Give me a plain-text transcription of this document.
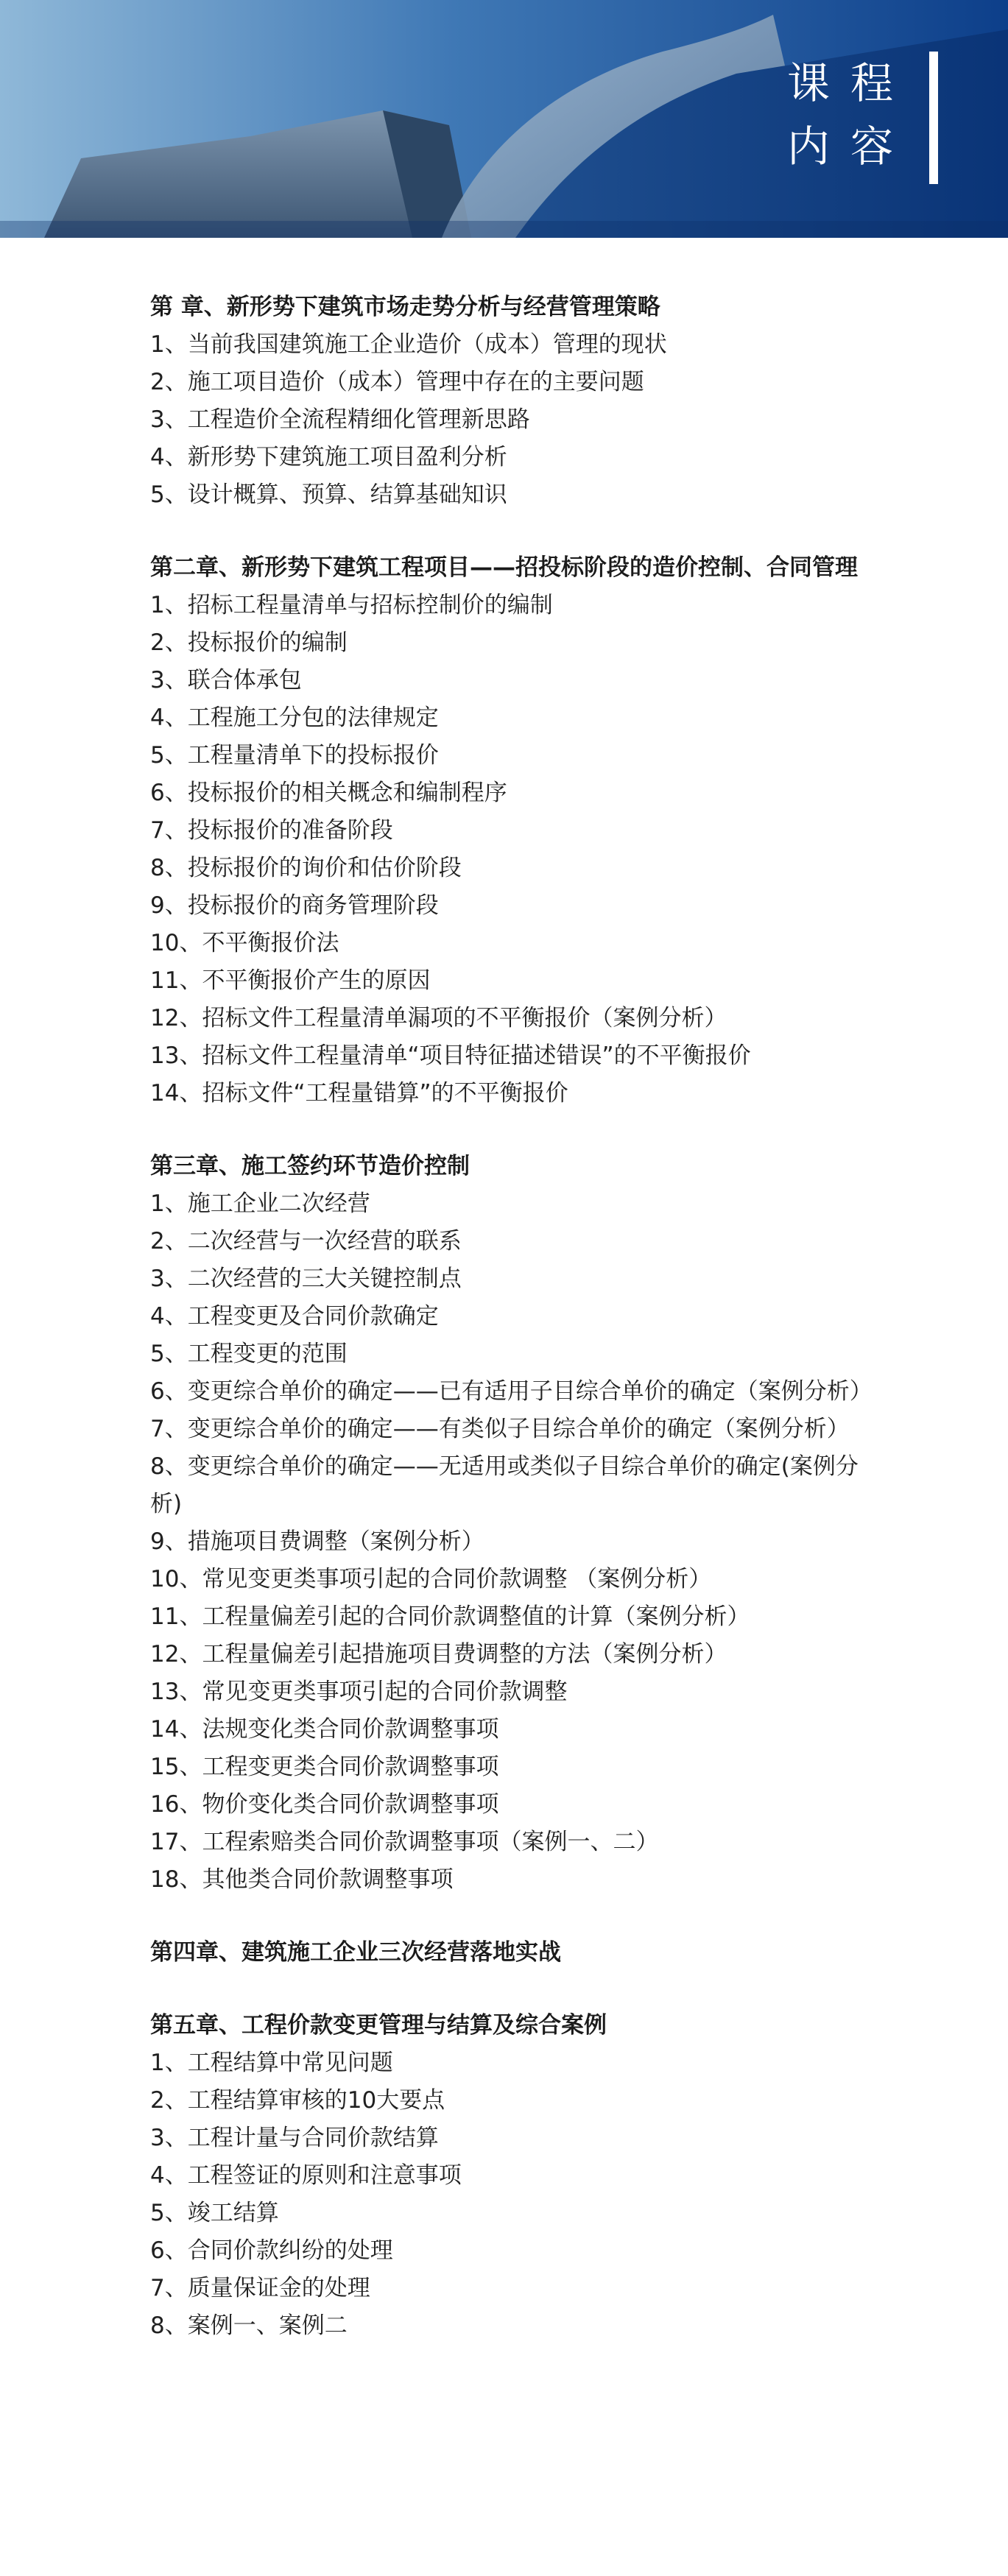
课程
内容
第 章、新形势下建筑市场走势分析与经营管理策略
1、当前我国建筑施工企业造价（成本）管理的现状
2、施工项目造价（成本）管理中存在的主要问题
3、工程造价全流程精细化管理新思路
4、新形势下建筑施工项目盈利分析
5、设计概算、预算、结算基础知识
第二章、新形势下建筑工程项目——招投标阶段的造价控制、合同管理
1、招标工程量清单与招标控制价的编制
2、投标报价的编制
3、联合体承包
4、工程施工分包的法律规定
5、工程量清单下的投标报价
6、投标报价的相关概念和编制程序
7、投标报价的准备阶段
8、投标报价的询价和估价阶段
9、投标报价的商务管理阶段
10、不平衡报价法
11、不平衡报价产生的原因
12、招标文件工程量清单漏项的不平衡报价（案例分析）
13、招标文件工程量清单“项目特征描述错误”的不平衡报价
14、招标文件“工程量错算”的不平衡报价
第三章、施工签约环节造价控制
1、施工企业二次经营
2、二次经营与一次经营的联系
3、二次经营的三大关键控制点
4、工程变更及合同价款确定
5、工程变更的范围
6、变更综合单价的确定——已有适用子目综合单价的确定（案例分析）
7、变更综合单价的确定——有类似子目综合单价的确定（案例分析）
8、变更综合单价的确定——无适用或类似子目综合单价的确定(案例分析)
9、措施项目费调整（案例分析）
10、常见变更类事项引起的合同价款调整 （案例分析）
11、工程量偏差引起的合同价款调整值的计算（案例分析）
12、工程量偏差引起措施项目费调整的方法（案例分析）
13、常见变更类事项引起的合同价款调整
14、法规变化类合同价款调整事项
15、工程变更类合同价款调整事项
16、物价变化类合同价款调整事项
17、工程索赔类合同价款调整事项（案例一、二）
18、其他类合同价款调整事项
第四章、建筑施工企业三次经营落地实战
第五章、工程价款变更管理与结算及综合案例
1、工程结算中常见问题
2、工程结算审核的10大要点
3、工程计量与合同价款结算
4、工程签证的原则和注意事项
5、竣工结算
6、合同价款纠纷的处理
7、质量保证金的处理
8、案例一、案例二
